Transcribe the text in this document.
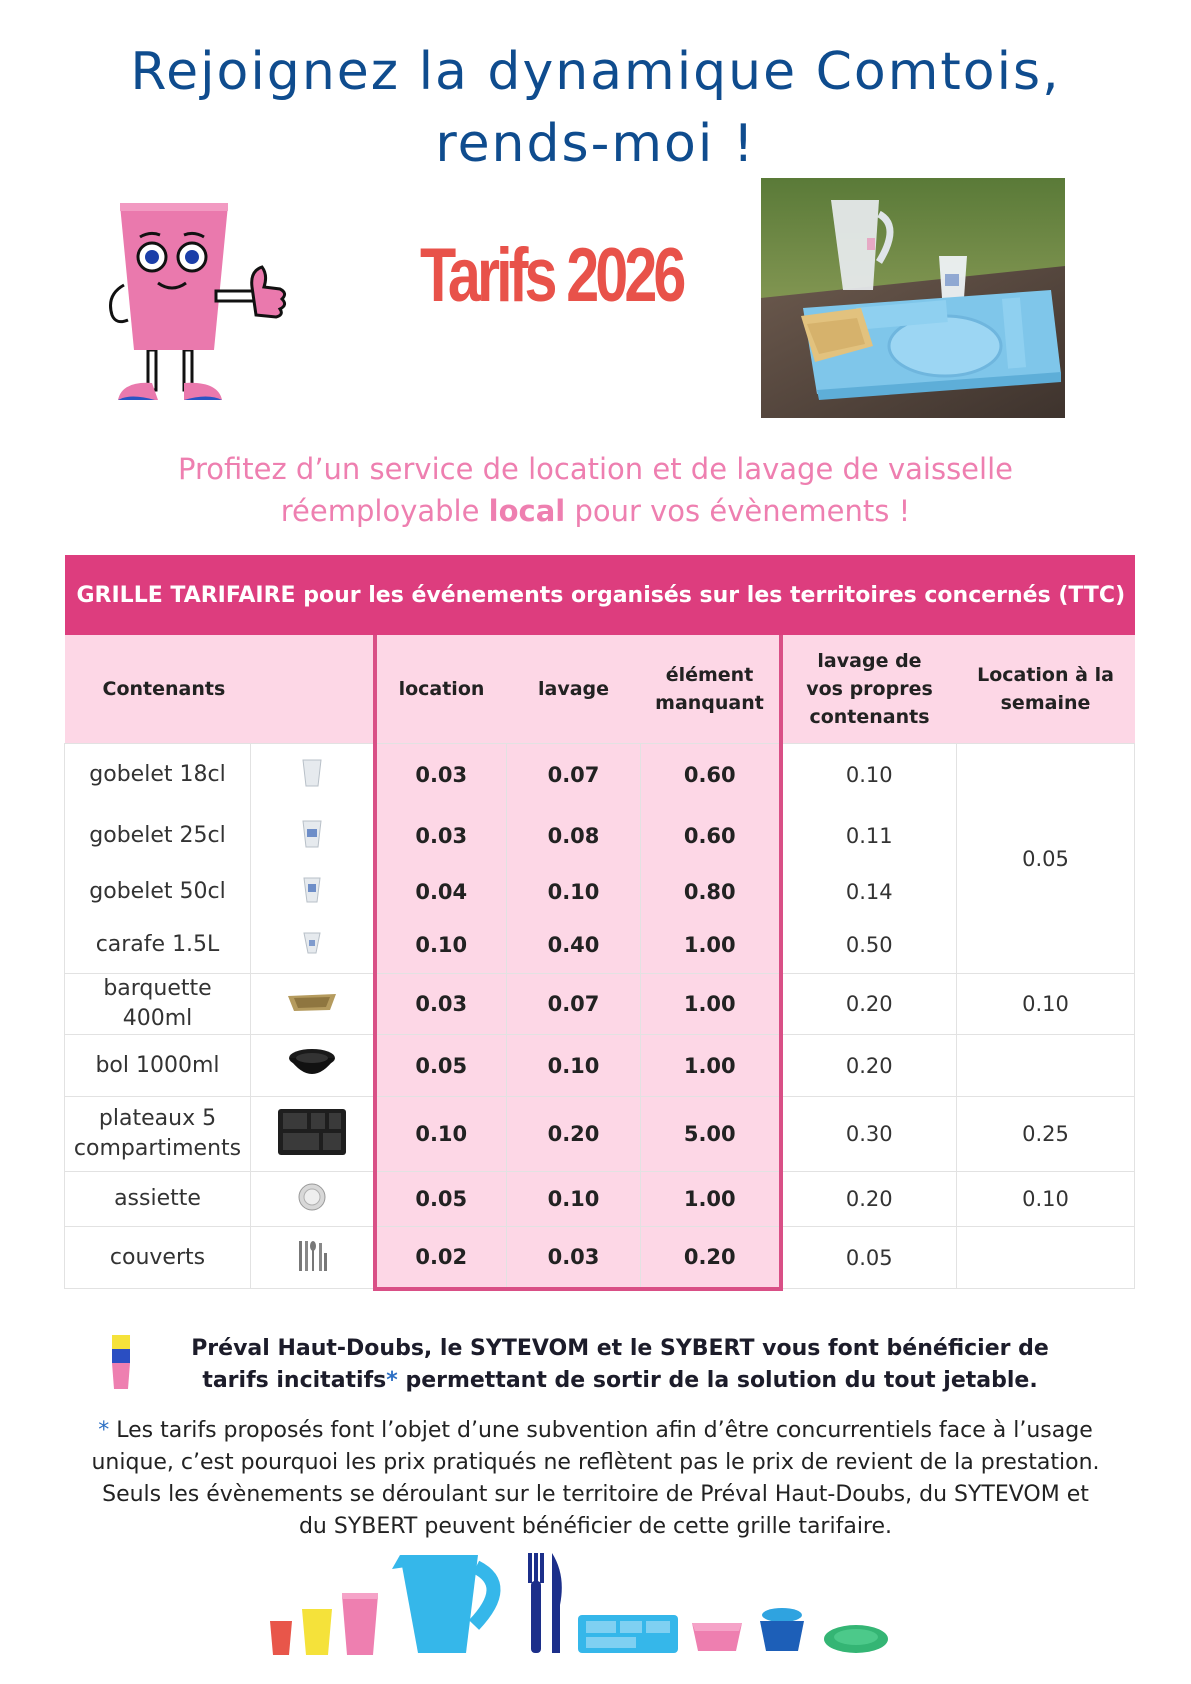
Rejoignez la dynamique Comtois,
rends-moi !
Tarifs 2026
Profitez d’un service de location et de lavage de vaisselle
réemployable local pour vos évènements !
GRILLE TARIFAIRE pour les événements organisés sur les territoires concernés (TTC)						
Contenants		location	lavage	élément manquant	lavage de vos propres contenants	Location à la semaine
gobelet 18cl		0.03	0.07	0.60	0.10	0.05
gobelet 25cl		0.03	0.08	0.60	0.11	
gobelet 50cl		0.04	0.10	0.80	0.14	
carafe 1.5L		0.10	0.40	1.00	0.50	
barquette 400ml		0.03	0.07	1.00	0.20	0.10
bol 1000ml		0.05	0.10	1.00	0.20	
plateaux 5 compartiments		0.10	0.20	5.00	0.30	0.25
assiette		0.05	0.10	1.00	0.20	0.10
couverts		0.02	0.03	0.20	0.05	
Préval Haut-Doubs, le SYTEVOM et le SYBERT vous font bénéficier de
tarifs incitatifs* permettant de sortir de la solution du tout jetable.
* Les tarifs proposés font l’objet d’une subvention afin d’être concurrentiels face à l’usage
unique, c’est pourquoi les prix pratiqués ne reflètent pas le prix de revient de la prestation.
Seuls les évènements se déroulant sur le territoire de Préval Haut-Doubs, du SYTEVOM et
du SYBERT peuvent bénéficier de cette grille tarifaire.
